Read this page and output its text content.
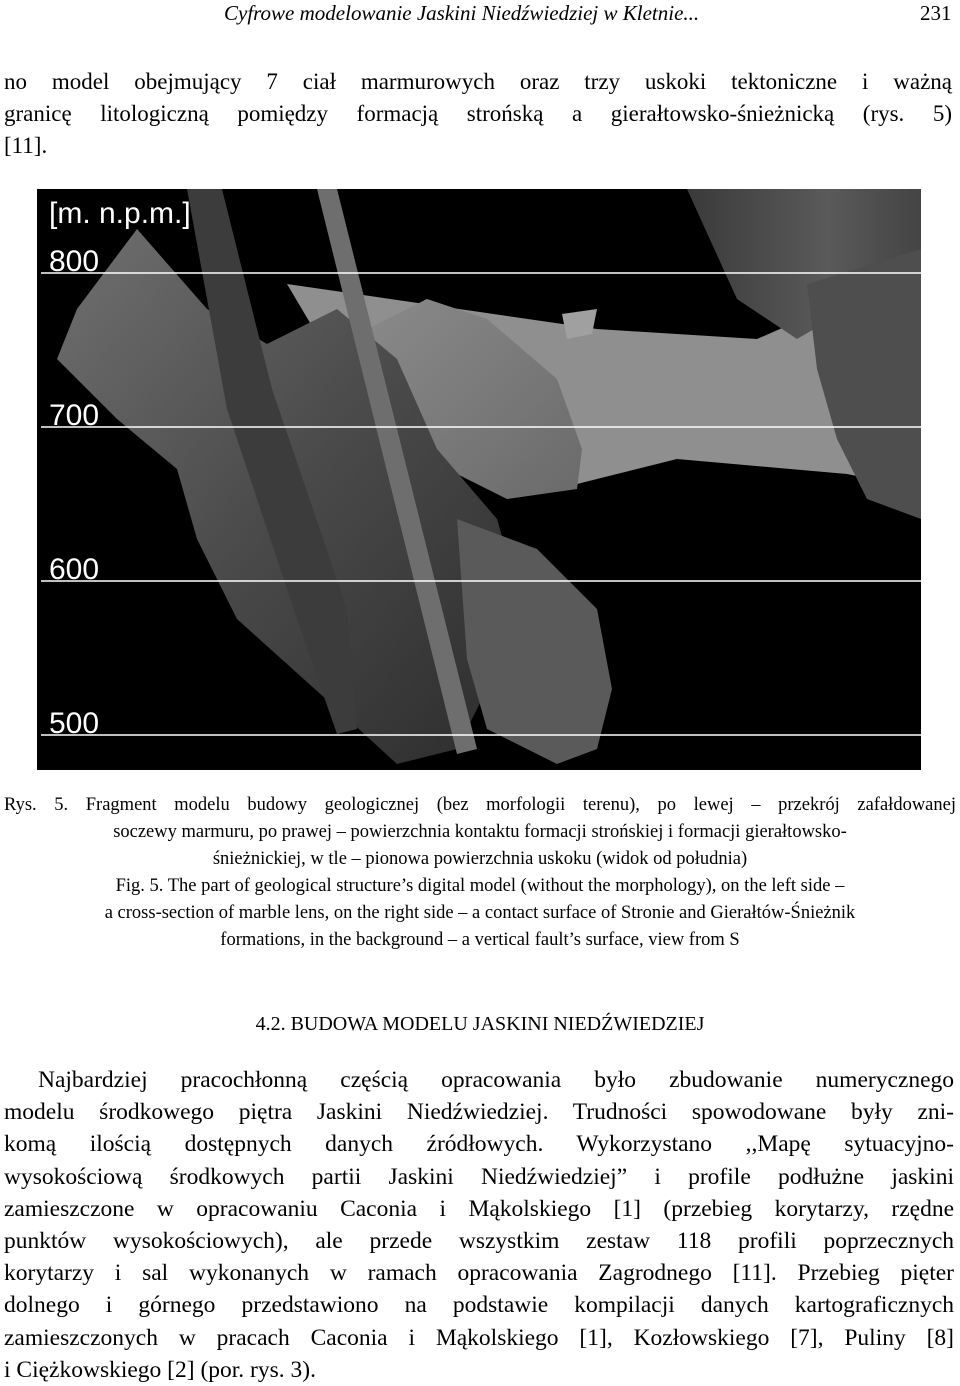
Cyfrowe modelowanie Jaskini Niedźwiedziej w Kletnie...	231
no model obejmujący 7 ciał marmurowych oraz trzy uskoki tektoniczne i ważną
granicę litologiczną pomiędzy formacją strońską a gierałtowsko-śnieżnicką (rys. 5)
[11].
[m. n.p.m.]
800
700
600
500
Rys. 5. Fragment modelu budowy geologicznej (bez morfologii terenu), po lewej – przekrój zafałdowanej
soczewy marmuru, po prawej – powierzchnia kontaktu formacji strońskiej i formacji gierałtowsko-
śnieżnickiej, w tle – pionowa powierzchnia uskoku (widok od południa)
Fig. 5. The part of geological structure’s digital model (without the morphology), on the left side –
a cross-section of marble lens, on the right side – a contact surface of Stronie and Gierałtów-Śnieżnik
formations, in the background – a vertical fault’s surface, view from S
4.2. BUDOWA MODELU JASKINI NIEDŹWIEDZIEJ
Najbardziej pracochłonną częścią opracowania było zbudowanie numerycznego
modelu środkowego piętra Jaskini Niedźwiedziej. Trudności spowodowane były zni-
komą ilością dostępnych danych źródłowych. Wykorzystano ,,Mapę sytuacyjno-
wysokościową środkowych partii Jaskini Niedźwiedziej” i profile podłużne jaskini
zamieszczone w opracowaniu Caconia i Mąkolskiego [1] (przebieg korytarzy, rzędne
punktów wysokościowych), ale przede wszystkim zestaw 118 profili poprzecznych
korytarzy i sal wykonanych w ramach opracowania Zagrodnego [11]. Przebieg pięter
dolnego i górnego przedstawiono na podstawie kompilacji danych kartograficznych
zamieszczonych w pracach Caconia i Mąkolskiego [1], Kozłowskiego [7], Puliny [8]
i Ciężkowskiego [2] (por. rys. 3).
